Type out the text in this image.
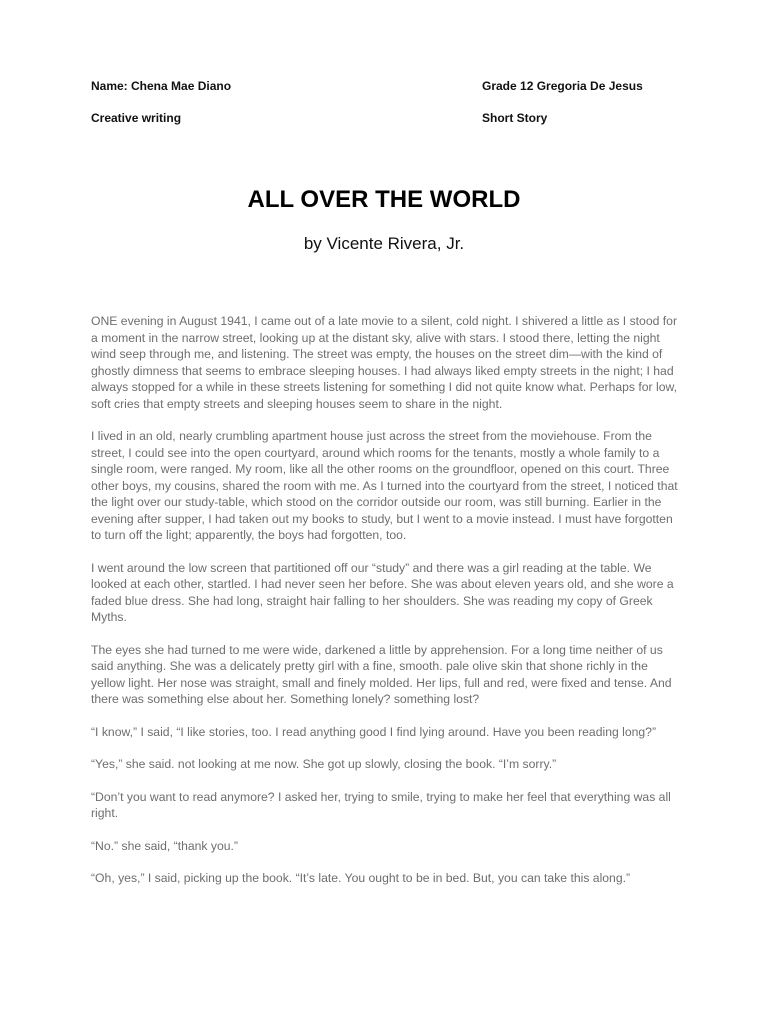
Name: Chena Mae Diano	Grade 12 Gregoria De Jesus
Creative writing	Short Story
ALL OVER THE WORLD
by Vicente Rivera, Jr.

ONE evening in August 1941, I came out of a late movie to a silent, cold night. I shivered a little as I stood for a moment in the narrow street, looking up at the distant sky, alive with stars. I stood there, letting the night wind seep through me, and listening. The street was empty, the houses on the street dim—with the kind of ghostly dimness that seems to embrace sleeping houses. I had always liked empty streets in the night; I had always stopped for a while in these streets listening for something I did not quite know what. Perhaps for low, soft cries that empty streets and sleeping houses seem to share in the night.

I lived in an old, nearly crumbling apartment house just across the street from the moviehouse. From the street, I could see into the open courtyard, around which rooms for the tenants, mostly a whole family to a single room, were ranged. My room, like all the other rooms on the groundfloor, opened on this court. Three other boys, my cousins, shared the room with me. As I turned into the courtyard from the street, I noticed that the light over our study-table, which stood on the corridor outside our room, was still burning. Earlier in the evening after supper, I had taken out my books to study, but I went to a movie instead. I must have forgotten to turn off the light; apparently, the boys had forgotten, too.

I went around the low screen that partitioned off our “study” and there was a girl reading at the table. We looked at each other, startled. I had never seen her before. She was about eleven years old, and she wore a faded blue dress. She had long, straight hair falling to her shoulders. She was reading my copy of Greek Myths.

The eyes she had turned to me were wide, darkened a little by apprehension. For a long time neither of us said anything. She was a delicately pretty girl with a fine, smooth. pale olive skin that shone richly in the yellow light. Her nose was straight, small and finely molded. Her lips, full and red, were fixed and tense. And there was something else about her. Something lonely? something lost?

“I know,” I said, “I like stories, too. I read anything good I find lying around. Have you been reading long?”

“Yes,” she said. not looking at me now. She got up slowly, closing the book. “I’m sorry.”

“Don’t you want to read anymore? I asked her, trying to smile, trying to make her feel that everything was all right.

“No.” she said, “thank you.”

“Oh, yes,” I said, picking up the book. “It’s late. You ought to be in bed. But, you can take this along.”
